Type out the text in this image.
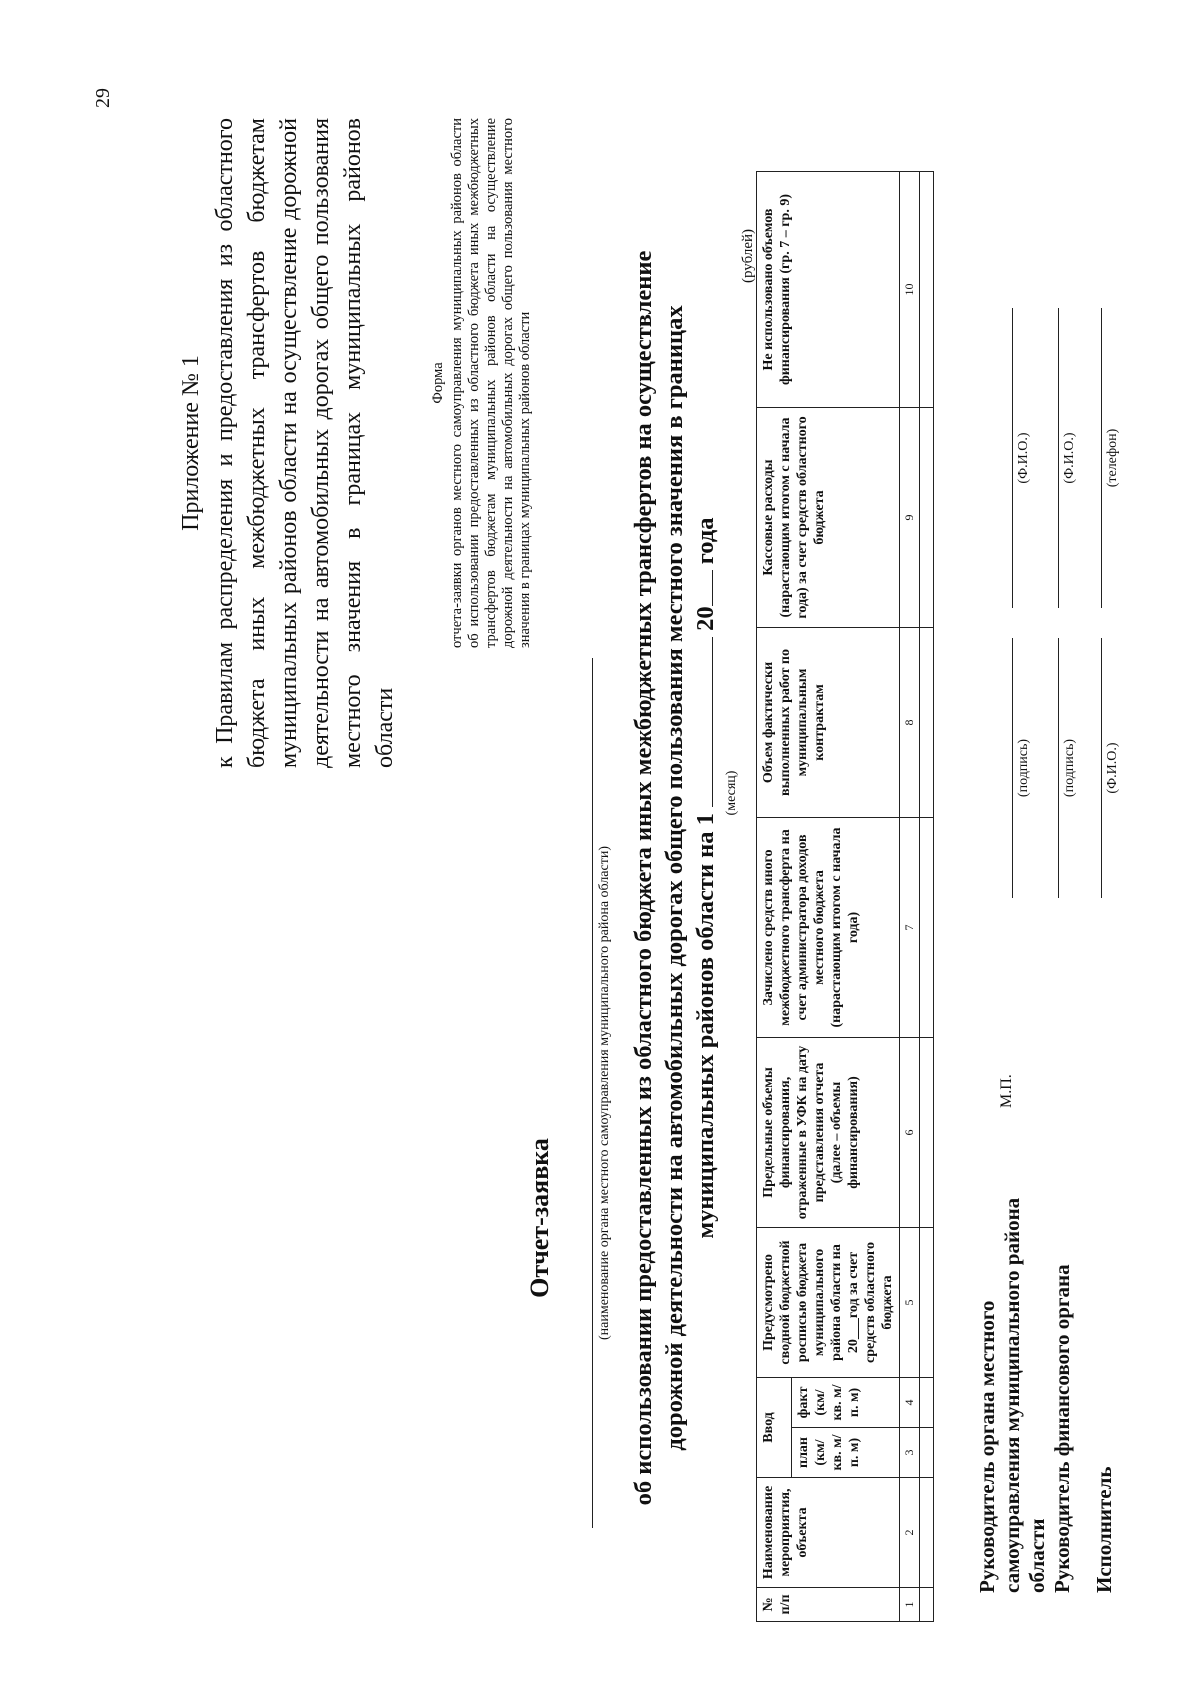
29
Приложение № 1 к Правилам распределения и предоставления из областного бюджета иных межбюджетных трансфертов бюджетам муниципальных районов области на осуществление дорожной деятельности на автомобильных дорогах общего пользования местного значения в границах муниципальных районов области
Форма отчета-заявки органов местного самоуправления муниципальных районов области об использовании предоставленных из областного бюджета иных межбюджетных трансфертов бюджетам муниципальных районов области на осуществление дорожной деятельности на автомобильных дорогах общего пользования местного значения в границах муниципальных районов области
Отчет-заявка	(наименование органа местного самоуправления муниципального района области) об использовании предоставленных из областного бюджета иных межбюджетных трансфертов на осуществление дорожной деятельности на автомобильных дорогах общего пользования местного значения в границах муниципальных районов области на 1  20 года
(месяц)
(рублей)
№ п/п	Наименование мероприятия, объекта	Ввод		Предусмотрено сводной бюджетной росписью бюджета муниципального района области на 20___год за счет средств областного бюджета	Предельные объемы финансирования, отраженные в УФК на дату представления отчета (далее – объемы финансирования)	Зачислено средств иного межбюджетного трансферта на счет администратора доходов местного бюджета (нарастающим итогом с начала года)	Объем фактически выполненных работ по муниципальным контрактам	Кассовые расходы (нарастающим итогом с начала года) за счет средств областного бюджета	Не использовано объемов финансирования (гр. 7 – гр. 9)
		план (км/ кв. м/ п. м)	факт (км/ кв. м/ п. м)						
1	2	3	4	5	6	7	8	9	10

Руководитель органа местного самоуправления муниципального района области
М.П.
Руководитель финансового органа Исполнитель
(подпись)
(Ф.И.О.)
(подпись)
(Ф.И.О.)
(Ф.И.О.)
(телефон)
